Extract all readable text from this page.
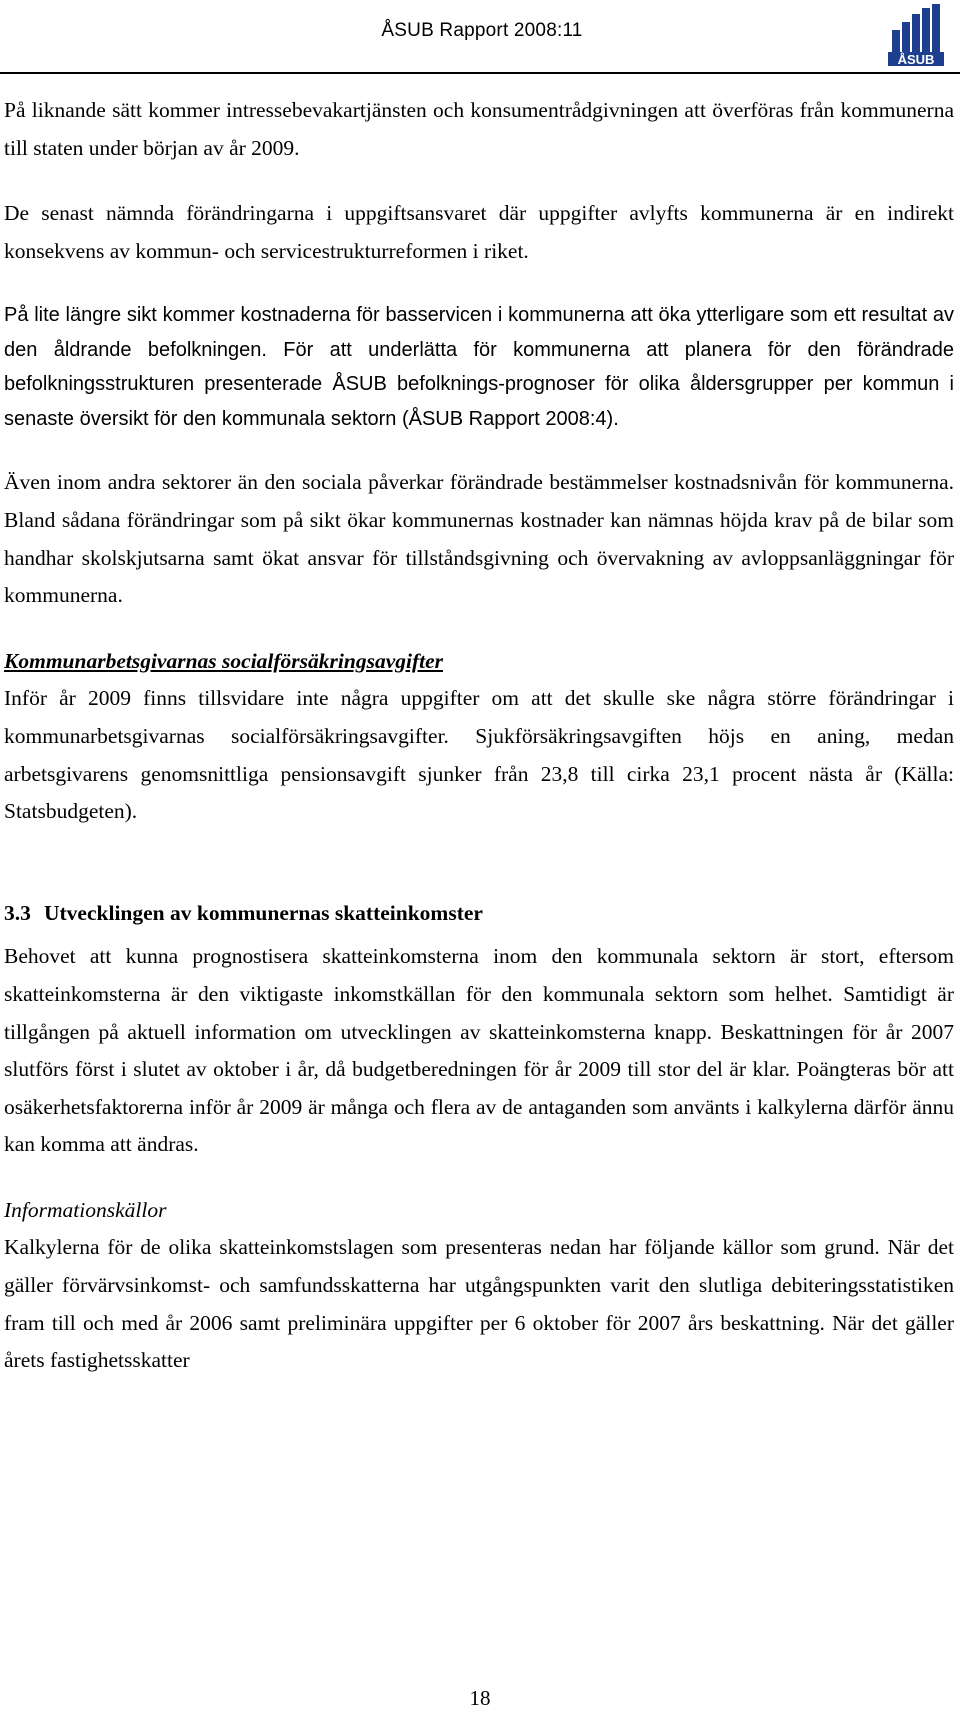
ÅSUB Rapport 2008:11
ÅSUB

På liknande sätt kommer intressebevakartjänsten och konsumentrådgivningen att överföras från kommunerna till staten under början av år 2009.

De senast nämnda förändringarna i uppgiftsansvaret där uppgifter avlyfts kommunerna är en indirekt konsekvens av kommun- och servicestrukturreformen i riket.

På lite längre sikt kommer kostnaderna för basservicen i kommunerna att öka ytterligare som ett resultat av den åldrande befolkningen. För att underlätta för kommunerna att planera för den förändrade befolkningsstrukturen presenterade ÅSUB befolknings-prognoser för olika åldersgrupper per kommun i senaste översikt för den kommunala sektorn (ÅSUB Rapport 2008:4).

Även inom andra sektorer än den sociala påverkar förändrade bestämmelser kostnadsnivån för kommunerna. Bland sådana förändringar som på sikt ökar kommunernas kostnader kan nämnas höjda krav på de bilar som handhar skolskjutsarna samt ökat ansvar för tillståndsgivning och övervakning av avloppsanläggningar för kommunerna.

Kommunarbetsgivarnas socialförsäkringsavgifter

Inför år 2009 finns tillsvidare inte några uppgifter om att det skulle ske några större förändringar i kommunarbetsgivarnas socialförsäkringsavgifter. Sjukförsäkringsavgiften höjs en aning, medan arbetsgivarens genomsnittliga pensionsavgift sjunker från 23,8 till cirka 23,1 procent nästa år (Källa: Statsbudgeten).

3.3 Utvecklingen av kommunernas skatteinkomster

Behovet att kunna prognostisera skatteinkomsterna inom den kommunala sektorn är stort, eftersom skatteinkomsterna är den viktigaste inkomstkällan för den kommunala sektorn som helhet. Samtidigt är tillgången på aktuell information om utvecklingen av skatteinkomsterna knapp. Beskattningen för år 2007 slutförs först i slutet av oktober i år, då budgetberedningen för år 2009 till stor del är klar. Poängteras bör att osäkerhetsfaktorerna inför år 2009 är många och flera av de antaganden som använts i kalkylerna därför ännu kan komma att ändras.

Informationskällor

Kalkylerna för de olika skatteinkomstslagen som presenteras nedan har följande källor som grund. När det gäller förvärvsinkomst- och samfundsskatterna har utgångspunkten varit den slutliga debiteringsstatistiken fram till och med år 2006 samt preliminära uppgifter per 6 oktober för 2007 års beskattning. När det gäller årets fastighetsskatter

18
